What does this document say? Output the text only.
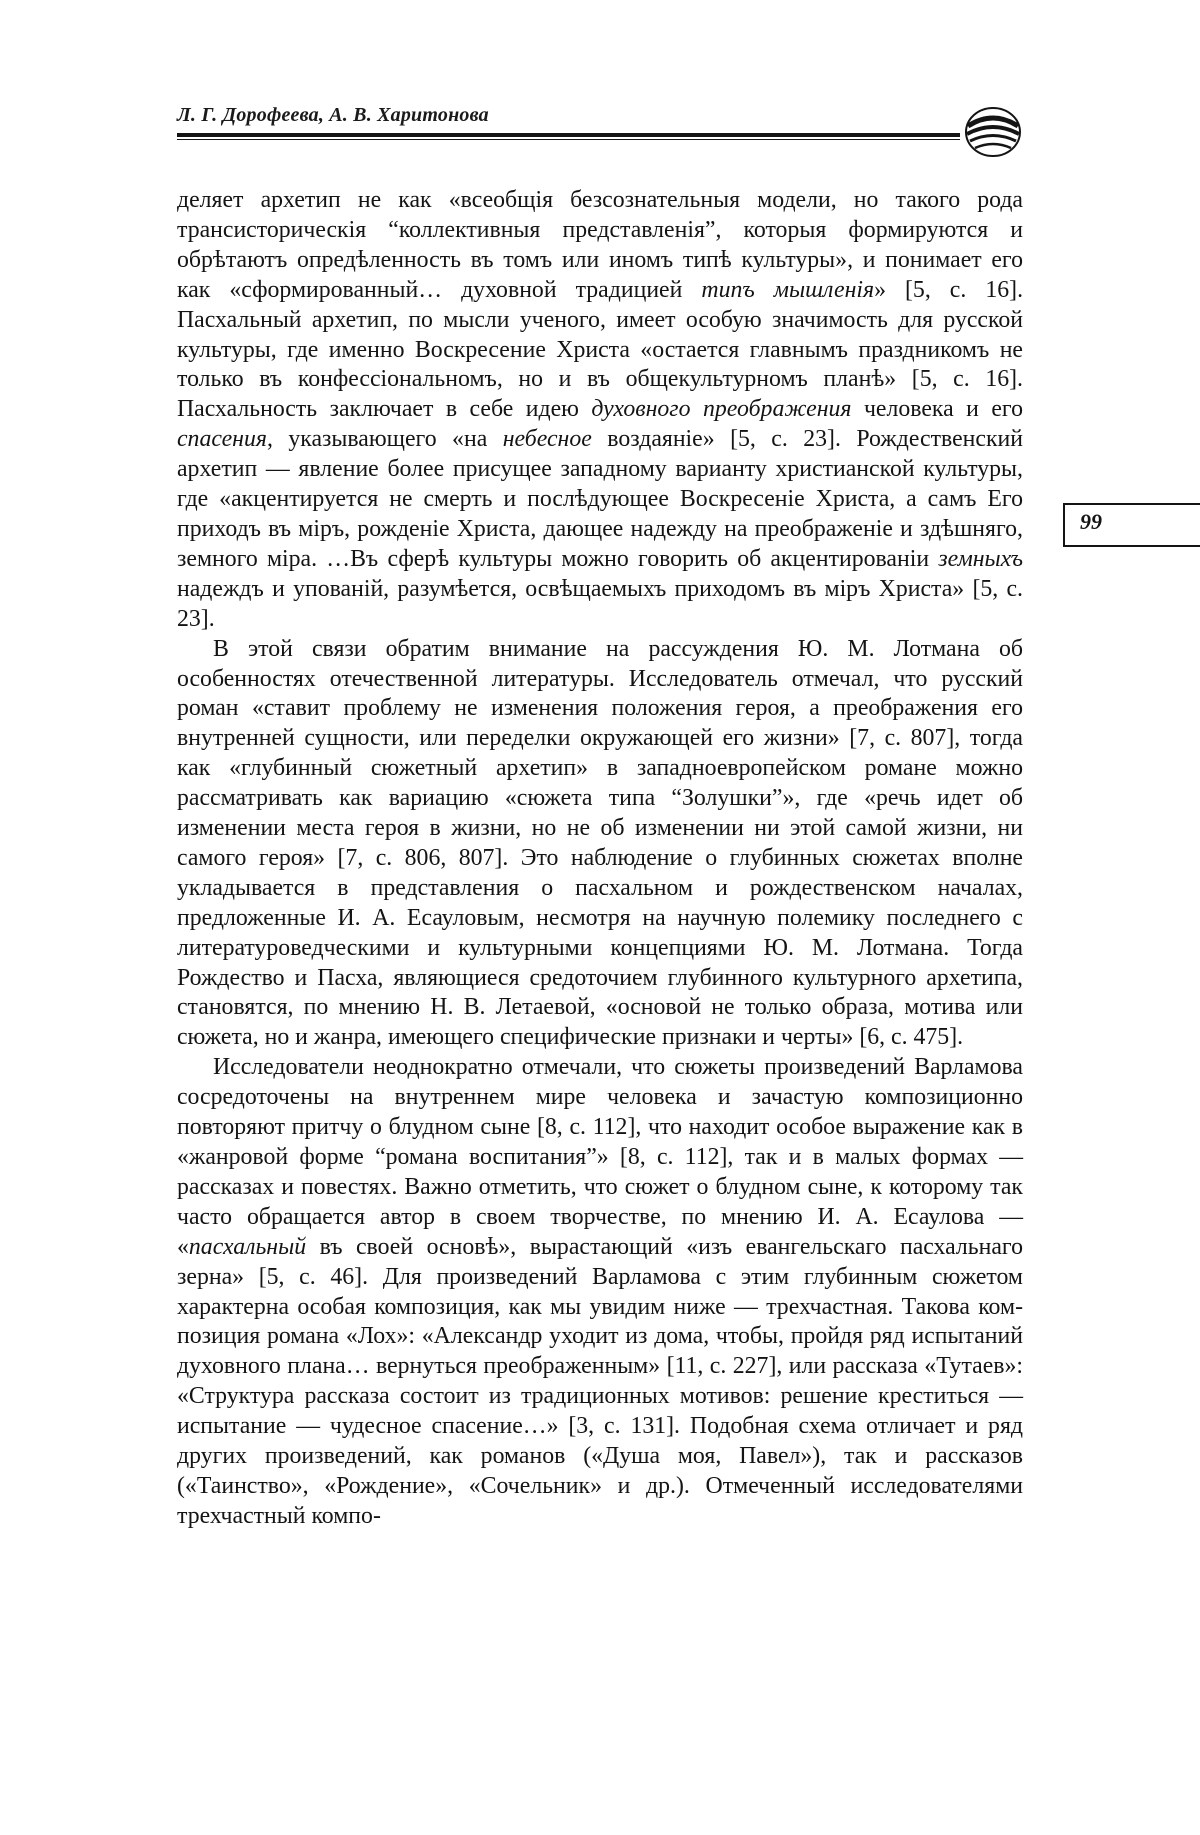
Л. Г. Дорофеева, А. В. Харитонова
99

деляет архетип не как «всеобщія безсознательныя модели, но такого рода трансисторическія “коллективныя представленія”, которыя формируются и обрѣтаютъ опредѣленность въ томъ или иномъ типѣ культуры», и понимает его как «сформированный… духовной традицией типъ мышленія» [5, с. 16]. Пасхальный архетип, по мысли ученого, имеет особую значимость для русской культуры, где именно Воскресение Христа «остается главнымъ праздникомъ не только въ конфессіональномъ, но и въ общекультурномъ планѣ» [5, с. 16]. Пасхальность заключает в себе идею духовного преображения человека и его спасения, указывающего «на небесное воздаяніе» [5, с. 23]. Рождественский архетип — явление более присущее западному варианту христианской культуры, где «акцентируется не смерть и послѣдующее Воскресеніе Христа, а самъ Его приходъ въ міръ, рожденіе Христа, дающее надежду на преображеніе и здѣшняго, земного міра. …Въ сферѣ культуры можно говорить об акцентированіи земныхъ надеждъ и упованій, разумѣется, освѣщаемыхъ приходомъ въ міръ Христа» [5, с. 23].

В этой связи обратим внимание на рассуждения Ю. М. Лотмана об особенностях отечественной литературы. Исследователь отмечал, что русский роман «ставит проблему не изменения положения героя, а преображения его внутренней сущности, или переделки окружающей его жизни» [7, с. 807], тогда как «глубинный сюжетный архетип» в западноевропейском романе можно рассматривать как вариацию «сюжета типа “Золушки”», где «речь идет об изменении места героя в жизни, но не об изменении ни этой самой жизни, ни самого героя» [7, с. 806, 807]. Это наблюдение о глубинных сюжетах вполне укладывается в представления о пасхальном и рождественском началах, предложенные И. А. Есауловым, несмотря на научную полемику последнего с литературоведческими и культурными концепциями Ю. М. Лотмана. Тогда Рождество и Пасха, являющиеся средоточием глубинного культурного архетипа, становятся, по мнению Н. В. Летаевой, «основой не только образа, мотива или сюжета, но и жанра, имеющего специфические признаки и черты» [6, с. 475].

Исследователи неоднократно отмечали, что сюжеты произведений Варламова сосредоточены на внутреннем мире человека и зачастую композиционно повторяют притчу о блудном сыне [8, с. 112], что находит особое выражение как в «жанровой форме “романа воспитания”» [8, с. 112], так и в малых формах — рассказах и повестях. Важно отметить, что сюжет о блудном сыне, к которому так часто обращается автор в своем творчестве, по мнению И. А. Есаулова — «пасхальный въ своей основѣ», вырастающий «изъ евангельскаго пасхальнаго зерна» [5, с. 46]. Для произведений Варламова с этим глубинным сюжетом характерна особая композиция, как мы увидим ниже — трехчастная. Такова композиция романа «Лох»: «Александр уходит из дома, чтобы, пройдя ряд испытаний духовного плана… вернуться преображенным» [11, с. 227], или рассказа «Тутаев»: «Структура рассказа состоит из традиционных мотивов: решение креститься — испытание — чудесное спасение…» [3, с. 131]. Подобная схема отличает и ряд других произведений, как романов («Душа моя, Павел»), так и рассказов («Таинство», «Рождение», «Сочельник» и др.). Отмеченный исследователями трехчастный компо-
